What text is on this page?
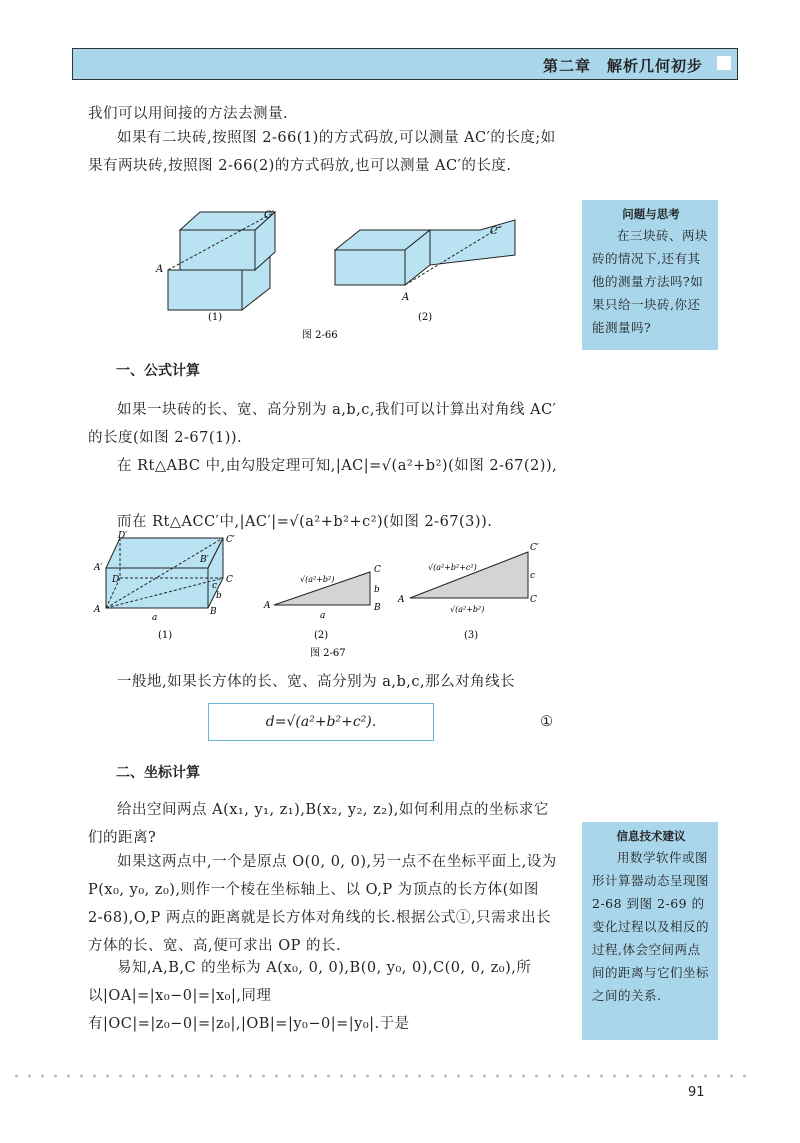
第二章　解析几何初步
我们可以用间接的方法去测量.
如果有二块砖,按照图 2-66(1)的方式码放,可以测量 AC′的长度;如果有两块砖,按照图 2-66(2)的方式码放,也可以测量 AC′的长度.
A
C′
A
C′
(1)	(2)
图 2-66
问题与思考
在三块砖、两块砖的情况下,还有其他的测量方法吗?如果只给一块砖,你还能测量吗?
一、公式计算
如果一块砖的长、宽、高分别为 a,b,c,我们可以计算出对角线 AC′的长度(如图 2-67(1)).
在 Rt△ABC 中,由勾股定理可知,|AC|=√(a²+b²)(如图 2-67(2)),
而在 Rt△ACC′中,|AC′|=√(a²+b²+c²)(如图 2-67(3)).
D′
A′
D
A	B
B′
C′
C
b
c
a
√(a²+b²)
C
b
A
a
B
√(a²+b²+c²)
C′
c
A	C
√(a²+b²)
(1)	(2)	(3)
图 2-67
一般地,如果长方体的长、宽、高分别为 a,b,c,那么对角线长
d=√(a²+b²+c²).	①
二、坐标计算
给出空间两点 A(x₁, y₁, z₁),B(x₂, y₂, z₂),如何利用点的坐标求它们的距离?
如果这两点中,一个是原点 O(0, 0, 0),另一点不在坐标平面上,设为 P(x₀, y₀, z₀),则作一个棱在坐标轴上、以 O,P 为顶点的长方体(如图 2-68),O,P 两点的距离就是长方体对角线的长.根据公式①,只需求出长方体的长、宽、高,便可求出 OP 的长.
易知,A,B,C 的坐标为 A(x₀, 0, 0),B(0, y₀, 0),C(0, 0, z₀),所以|OA|=|x₀−0|=|x₀|,同理有|OC|=|z₀−0|=|z₀|,|OB|=|y₀−0|=|y₀|.于是
信息技术建议
用数学软件或图形计算器动态呈现图 2-68 到图 2-69 的变化过程以及相反的过程,体会空间两点间的距离与它们坐标之间的关系.
91
